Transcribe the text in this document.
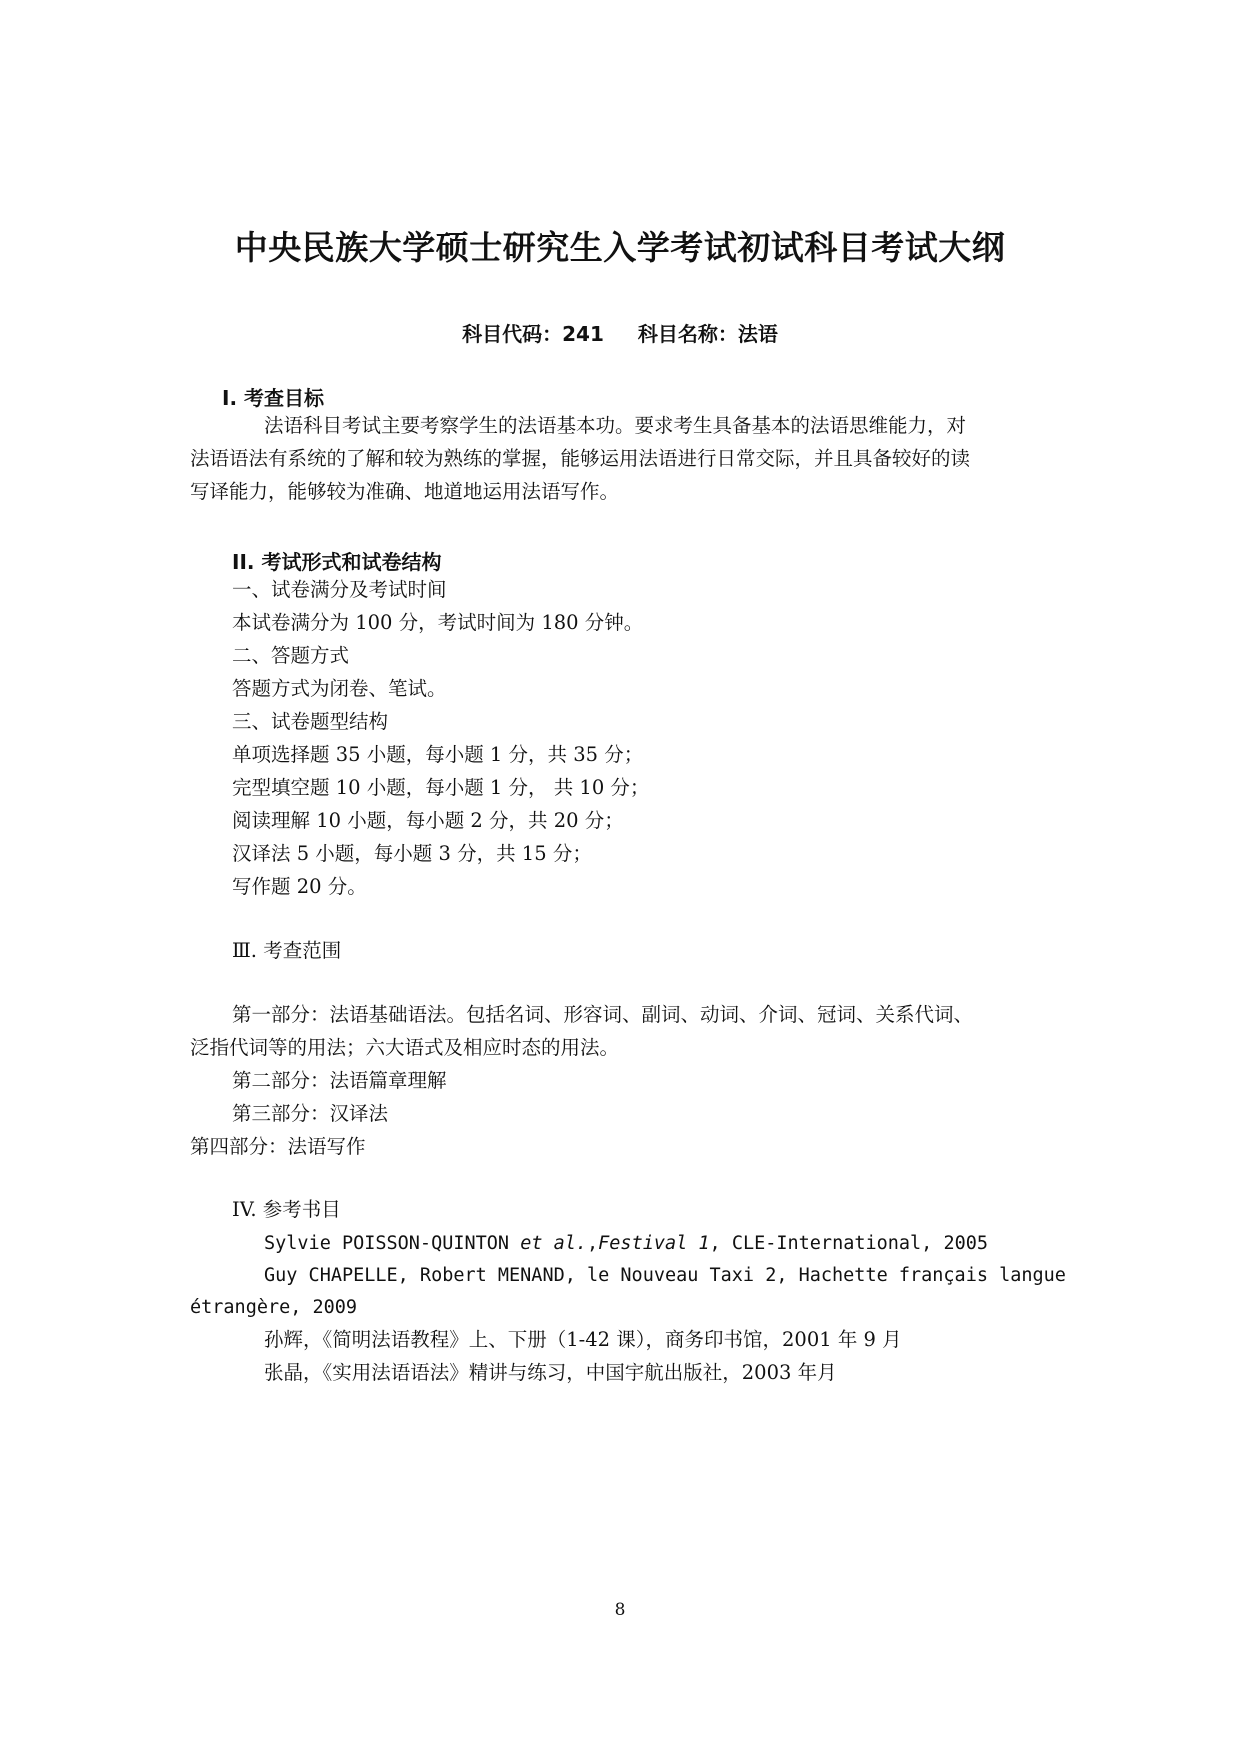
中央民族大学硕士研究生入学考试初试科目考试大纲
科目代码：241 科目名称：法语
I. 考查目标
法语科目考试主要考察学生的法语基本功。要求考生具备基本的法语思维能力，对
法语语法有系统的了解和较为熟练的掌握，能够运用法语进行日常交际，并且具备较好的读
写译能力，能够较为准确、地道地运用法语写作。
II. 考试形式和试卷结构
一、试卷满分及考试时间
本试卷满分为 100 分，考试时间为 180 分钟。
二、答题方式
答题方式为闭卷、笔试。
三、试卷题型结构
单项选择题 35 小题，每小题 1 分，共 35 分；
完型填空题 10 小题，每小题 1 分， 共 10 分；
阅读理解 10 小题，每小题 2 分，共 20 分；
汉译法 5 小题，每小题 3 分，共 15 分；
写作题 20 分。
Ⅲ. 考查范围
第一部分：法语基础语法。包括名词、形容词、副词、动词、介词、冠词、关系代词、
泛指代词等的用法；六大语式及相应时态的用法。
第二部分：法语篇章理解
第三部分：汉译法
第四部分：法语写作
IV. 参考书目
Sylvie POISSON-QUINTON et al.,Festival 1, CLE-International, 2005
Guy CHAPELLE, Robert MENAND, le Nouveau Taxi 2, Hachette français langue
étrangère, 2009
孙辉，《简明法语教程》上、下册（1-42 课），商务印书馆，2001 年 9 月
张晶，《实用法语语法》精讲与练习，中国宇航出版社，2003 年月
8
